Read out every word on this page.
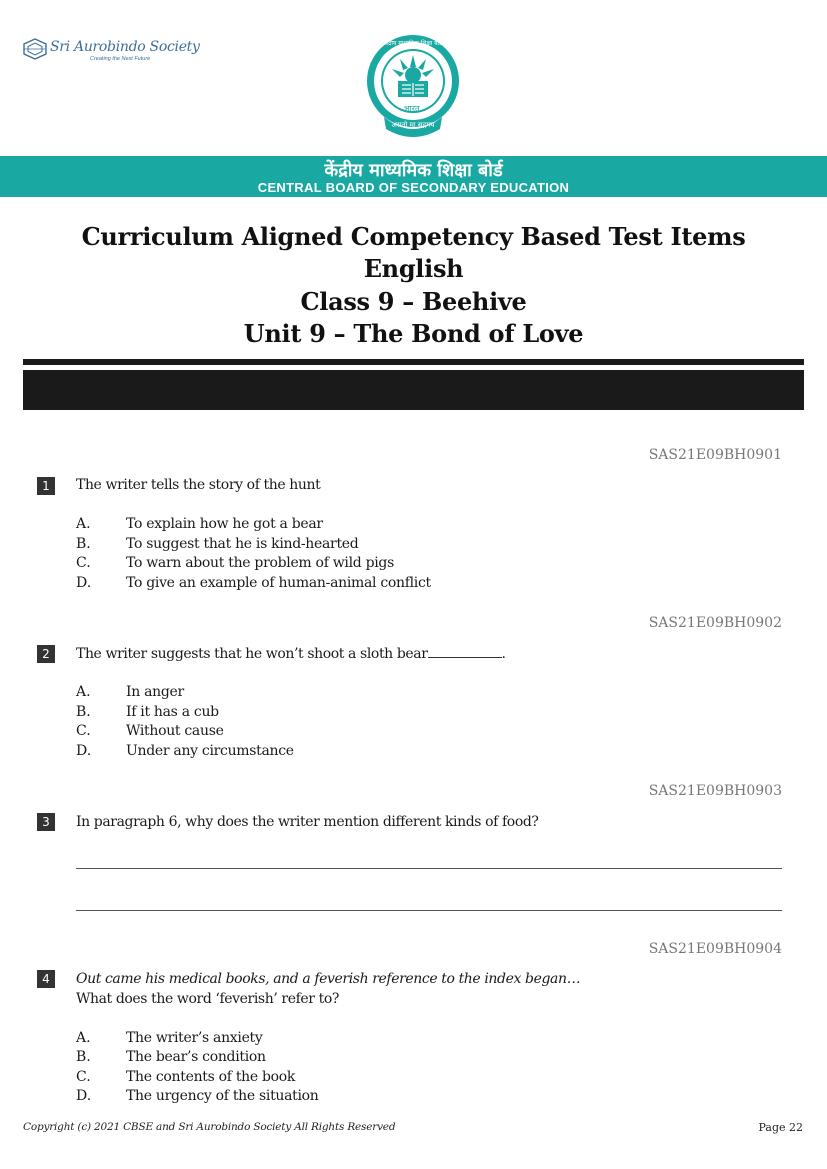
Sri Aurobindo Society
Creating the Next Future
भारत
असतो मा सद्गमय
केंद्रीय माध्यमिक शिक्षा बोर्ड
केंद्रीय माध्यमिक शिक्षा बोर्ड
CENTRAL BOARD OF SECONDARY EDUCATION
Curriculum Aligned Competency Based Test Items
English
Class 9 – Beehive
Unit 9 – The Bond of Love
SAS21E09BH0901
1	The writer tells the story of the hunt
A.	To explain how he got a bear
B.	To suggest that he is kind-hearted
C.	To warn about the problem of wild pigs
D. To give an example of human-animal conflict
SAS21E09BH0902
2	The writer suggests that he won’t shoot a sloth bear	.
A.	In anger
B.	If it has a cub
C.	Without cause
D. Under any circumstance
SAS21E09BH0903
3	In paragraph 6, why does the writer mention different kinds of food?
SAS21E09BH0904
4	Out came his medical books, and a feverish reference to the index began…
What does the word ‘feverish’ refer to?
A.	The writer’s anxiety
B.	The bear’s condition
C.	The contents of the book
D. The urgency of the situation
Copyright (c) 2021 CBSE and Sri Aurobindo Society All Rights Reserved	Page 22
